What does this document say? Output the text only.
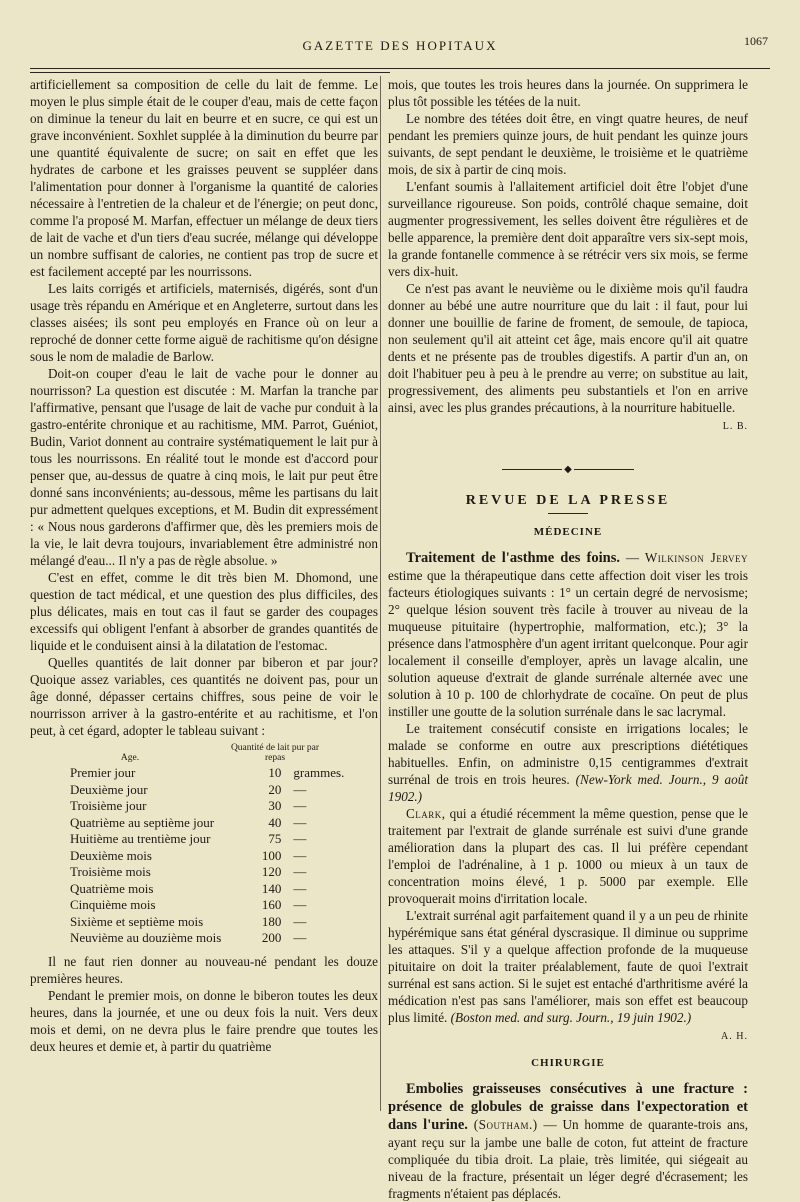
GAZETTE DES HOPITAUX	1067

artificiellement sa composition de celle du lait de femme. Le moyen le plus simple était de le couper d'eau, mais de cette façon on diminue la teneur du lait en beurre et en sucre, ce qui est un grave inconvénient. Soxhlet supplée à la diminution du beurre par une quantité équivalente de sucre; on sait en effet que les hydrates de carbone et les graisses peuvent se suppléer dans l'alimentation pour donner à l'organisme la quantité de calories nécessaire à l'entretien de la chaleur et de l'énergie; on peut donc, comme l'a proposé M. Marfan, effectuer un mélange de deux tiers de lait de vache et d'un tiers d'eau sucrée, mélange qui développe un nombre suffisant de calories, ne contient pas trop de sucre et est facilement accepté par les nourrissons.

Les laits corrigés et artificiels, maternisés, digérés, sont d'un usage très répandu en Amérique et en Angleterre, surtout dans les classes aisées; ils sont peu employés en France où on leur a reproché de donner cette forme aiguë de rachitisme qu'on désigne sous le nom de maladie de Barlow.

Doit-on couper d'eau le lait de vache pour le donner au nourrisson? La question est discutée : M. Marfan la tranche par l'affirmative, pensant que l'usage de lait de vache pur conduit à la gastro-entérite chronique et au rachitisme, MM. Parrot, Guéniot, Budin, Variot donnent au contraire systématiquement le lait pur à tous les nourrissons. En réalité tout le monde est d'accord pour penser que, au-dessus de quatre à cinq mois, le lait pur peut être donné sans inconvénients; au-dessous, même les partisans du lait pur admettent quelques exceptions, et M. Budin dit expressément : « Nous nous garderons d'affirmer que, dès les premiers mois de la vie, le lait devra toujours, invariablement être administré non mélangé d'eau... Il n'y a pas de règle absolue. »

C'est en effet, comme le dit très bien M. Dhomond, une question de tact médical, et une question des plus difficiles, des plus délicates, mais en tout cas il faut se garder des coupages excessifs qui obligent l'enfant à absorber de grandes quantités de liquide et le conduisent ainsi à la dilatation de l'estomac.

Quelles quantités de lait donner par biberon et par jour? Quoique assez variables, ces quantités ne doivent pas, pour un âge donné, dépasser certains chiffres, sous peine de voir le nourrisson arriver à la gastro-entérite et au rachitisme, et l'on peut, à cet égard, adopter le tableau suivant :

Age.
Quantité de lait pur par repas
Premier jour	10 grammes.
Deuxième jour	20 —
Troisième jour	30 —
Quatrième au septième jour	40 —
Huitième au trentième jour	75 —
Deuxième mois	100 —
Troisième mois	120 —
Quatrième mois	140 —
Cinquième mois	160 —
Sixième et septième mois	180 —
Neuvième au douzième mois	200 —

Il ne faut rien donner au nouveau-né pendant les douze premières heures.

Pendant le premier mois, on donne le biberon toutes les deux heures, dans la journée, et une ou deux fois la nuit. Vers deux mois et demi, on ne devra plus le faire prendre que toutes les deux heures et demie et, à partir du quatrième

mois, que toutes les trois heures dans la journée. On supprimera le plus tôt possible les tétées de la nuit.

Le nombre des tétées doit être, en vingt quatre heures, de neuf pendant les premiers quinze jours, de huit pendant les quinze jours suivants, de sept pendant le deuxième, le troisième et le quatrième mois, de six à partir de cinq mois.

L'enfant soumis à l'allaitement artificiel doit être l'objet d'une surveillance rigoureuse. Son poids, contrôlé chaque semaine, doit augmenter progressivement, les selles doivent être régulières et de belle apparence, la première dent doit apparaître vers six-sept mois, la grande fontanelle commence à se rétrécir vers six mois, se ferme vers dix-huit.

Ce n'est pas avant le neuvième ou le dixième mois qu'il faudra donner au bébé une autre nourriture que du lait : il faut, pour lui donner une bouillie de farine de froment, de semoule, de tapioca, non seulement qu'il ait atteint cet âge, mais encore qu'il ait quatre dents et ne présente pas de troubles digestifs. A partir d'un an, on doit l'habituer peu à peu à le prendre au verre; on substitue au lait, progressivement, des aliments peu substantiels et l'on en arrive ainsi, avec les plus grandes précautions, à la nourriture habituelle.

L. B.
◆
REVUE DE LA PRESSE
MÉDECINE

Traitement de l'asthme des foins. — Wilkinson Jervey estime que la thérapeutique dans cette affection doit viser les trois facteurs étiologiques suivants : 1° un certain degré de nervosisme; 2° quelque lésion souvent très facile à trouver au niveau de la muqueuse pituitaire (hypertrophie, malformation, etc.); 3° la présence dans l'atmosphère d'un agent irritant quelconque. Pour agir localement il conseille d'employer, après un lavage alcalin, une solution aqueuse d'extrait de glande surrénale alternée avec une solution à 10 p. 100 de chlorhydrate de cocaïne. On peut de plus instiller une goutte de la solution surrénale dans le sac lacrymal.

Le traitement consécutif consiste en irrigations locales; le malade se conforme en outre aux prescriptions diététiques habituelles. Enfin, on administre 0,15 centigrammes d'extrait surrénal de trois en trois heures. (New-York med. Journ., 9 août 1902.)

Clark, qui a étudié récemment la même question, pense que le traitement par l'extrait de glande surrénale est suivi d'une grande amélioration dans la plupart des cas. Il lui préfère cependant l'emploi de l'adrénaline, à 1 p. 1000 ou mieux à un taux de concentration moins élevé, 1 p. 5000 par exemple. Elle provoquerait moins d'irritation locale.

L'extrait surrénal agit parfaitement quand il y a un peu de rhinite hypérémique sans état général dyscrasique. Il diminue ou supprime les attaques. S'il y a quelque affection profonde de la muqueuse pituitaire on doit la traiter préalablement, faute de quoi l'extrait surrénal est sans action. Si le sujet est entaché d'arthritisme avéré la médication n'est pas sans l'améliorer, mais son effet est beaucoup plus limité. (Boston med. and surg. Journ., 19 juin 1902.)

A. H.
CHIRURGIE

Embolies graisseuses consécutives à une fracture : présence de globules de graisse dans l'expectoration et dans l'urine. (Southam.) — Un homme de quarante-trois ans, ayant reçu sur la jambe une balle de coton, fut atteint de fracture compliquée du tibia droit. La plaie, très limitée, qui siégeait au niveau de la fracture, présentait un léger degré d'écrasement; les fragments n'étaient pas déplacés.
